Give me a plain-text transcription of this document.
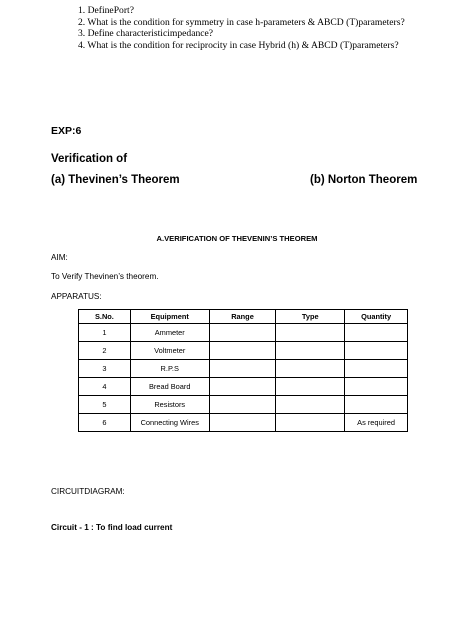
1. DefinePort?
2. What is the condition for symmetry in case h-parameters & ABCD (T)parameters?
3. Define characteristicimpedance?
4. What is the condition for reciprocity in case Hybrid (h) & ABCD (T)parameters?

EXP:6

Verification of

(a) Thevinen’s Theorem	(b) Norton Theorem

A.VERIFICATION OF THEVENIN’S THEOREM

AIM:

To Verify Thevinen’s theorem.

APPARATUS:

S.No.	Equipment	Range	Type	Quantity
1	Ammeter			
2	Voltmeter			
3	R.P.S			
4	Bread Board			
5	Resistors			
6	Connecting Wires			As required

CIRCUITDIAGRAM:

Circuit - 1 : To find load current
